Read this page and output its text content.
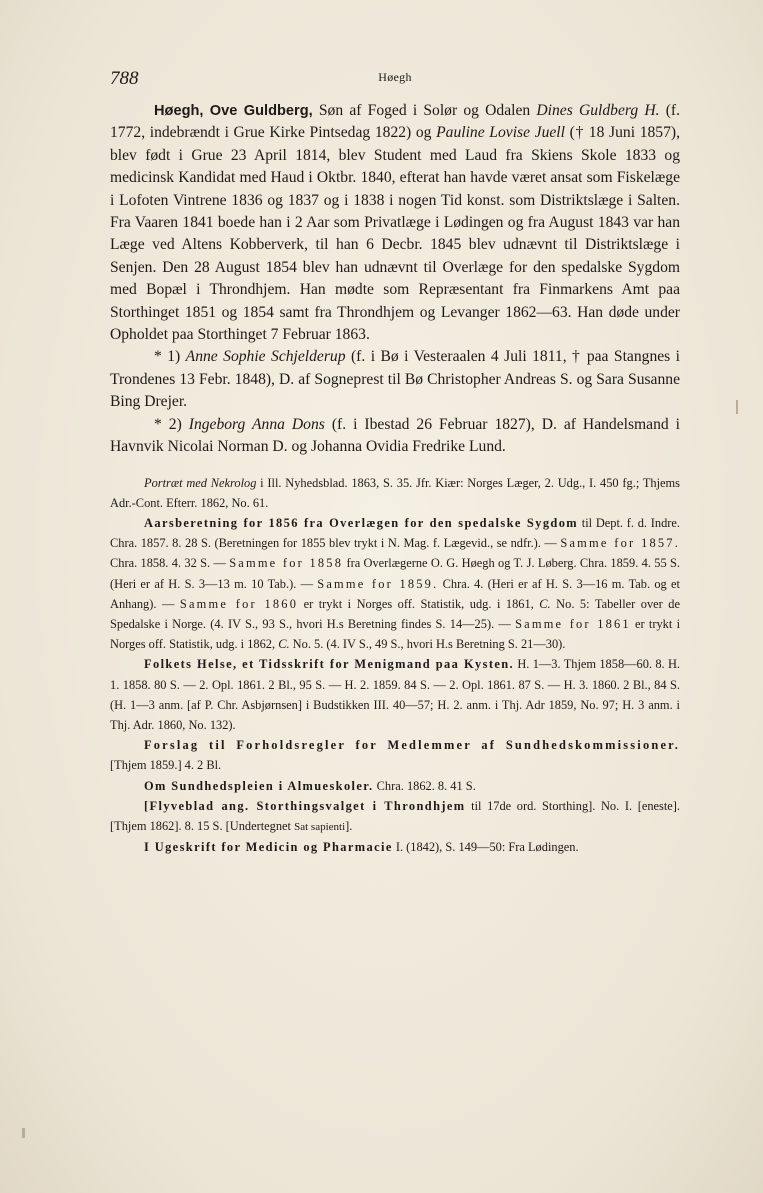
788	Høegh

Høegh, Ove Guldberg, Søn af Foged i Solør og Odalen Dines Guldberg H. (f. 1772, indebrændt i Grue Kirke Pintsedag 1822) og Pauline Lovise Juell († 18 Juni 1857), blev født i Grue 23 April 1814, blev Student med Laud fra Skiens Skole 1833 og medicinsk Kandidat med Haud i Oktbr. 1840, efterat han havde været ansat som Fiskelæge i Lofoten Vintrene 1836 og 1837 og i 1838 i nogen Tid konst. som Distriktslæge i Salten. Fra Vaaren 1841 boede han i 2 Aar som Privatlæge i Lødingen og fra August 1843 var han Læge ved Altens Kobberverk, til han 6 Decbr. 1845 blev udnævnt til Distriktslæge i Senjen. Den 28 August 1854 blev han udnævnt til Overlæge for den spedalske Sygdom med Bopæl i Throndhjem. Han mødte som Repræsentant fra Finmarkens Amt paa Storthinget 1851 og 1854 samt fra Throndhjem og Levanger 1862—63. Han døde under Opholdet paa Storthinget 7 Februar 1863.

* 1) Anne Sophie Schjelderup (f. i Bø i Vesteraalen 4 Juli 1811, † paa Stangnes i Trondenes 13 Febr. 1848), D. af Sogneprest til Bø Christopher Andreas S. og Sara Susanne Bing Drejer.

* 2) Ingeborg Anna Dons (f. i Ibestad 26 Februar 1827), D. af Handelsmand i Havnvik Nicolai Norman D. og Johanna Ovidia Fredrike Lund.

Portræt med Nekrolog i Ill. Nyhedsblad. 1863, S. 35. Jfr. Kiær: Norges Læger, 2. Udg., I. 450 fg.; Thjems Adr.-Cont. Efterr. 1862, No. 61.

Aarsberetning for 1856 fra Overlægen for den spedalske Sygdom til Dept. f. d. Indre. Chra. 1857. 8. 28 S. (Beretningen for 1855 blev trykt i N. Mag. f. Lægevid., se ndfr.). — Samme for 1857. Chra. 1858. 4. 32 S. — Samme for 1858 fra Overlægerne O. G. Høegh og T. J. Løberg. Chra. 1859. 4. 55 S. (Heri er af H. S. 3—13 m. 10 Tab.). — Samme for 1859. Chra. 4. (Heri er af H. S. 3—16 m. Tab. og et Anhang). — Samme for 1860 er trykt i Norges off. Statistik, udg. i 1861, C. No. 5: Tabeller over de Spedalske i Norge. (4. IV S., 93 S., hvori H.s Beretning findes S. 14—25). — Samme for 1861 er trykt i Norges off. Statistik, udg. i 1862, C. No. 5. (4. IV S., 49 S., hvori H.s Beretning S. 21—30).

Folkets Helse, et Tidsskrift for Menigmand paa Kysten. H. 1—3. Thjem 1858—60. 8. H. 1. 1858. 80 S. — 2. Opl. 1861. 2 Bl., 95 S. — H. 2. 1859. 84 S. — 2. Opl. 1861. 87 S. — H. 3. 1860. 2 Bl., 84 S. (H. 1—3 anm. [af P. Chr. Asbjørnsen] i Budstikken III. 40—57; H. 2. anm. i Thj. Adr 1859, No. 97; H. 3 anm. i Thj. Adr. 1860, No. 132).

Forslag til Forholdsregler for Medlemmer af Sundhedskommissioner. [Thjem 1859.] 4. 2 Bl.

Om Sundhedspleien i Almueskoler. Chra. 1862. 8. 41 S.

[Flyveblad ang. Storthingsvalget i Throndhjem til 17de ord. Storthing]. No. I. [eneste]. [Thjem 1862]. 8. 15 S. [Undertegnet Sat sapienti].

I Ugeskrift for Medicin og Pharmacie I. (1842), S. 149—50: Fra Lødingen.
